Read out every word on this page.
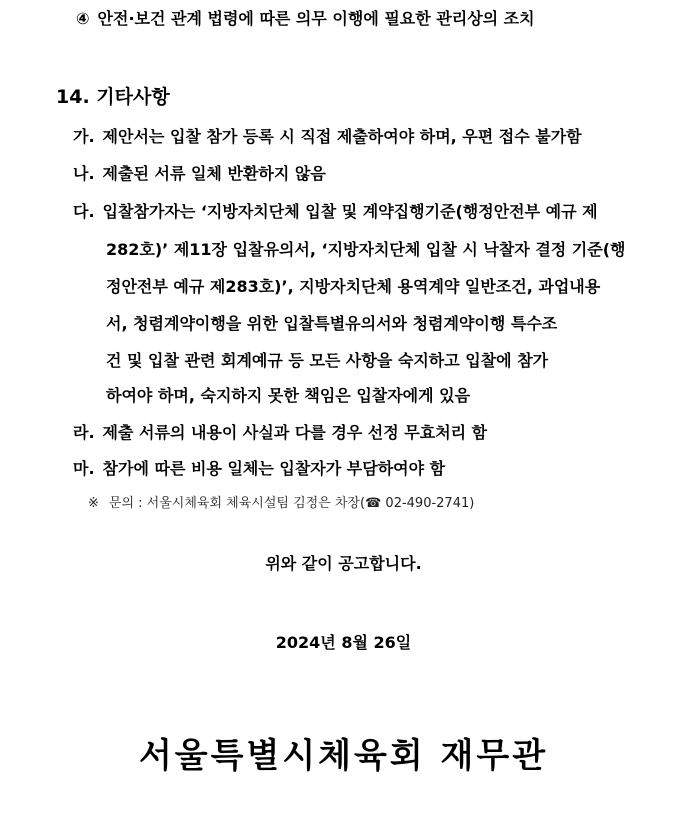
④ 안전·보건 관계 법령에 따른 의무 이행에 필요한 관리상의 조치
14. 기타사항
가. 제안서는 입찰 참가 등록 시 직접 제출하여야 하며, 우편 접수 불가함
나. 제출된 서류 일체 반환하지 않음
다. 입찰참가자는 ‘지방자치단체 입찰 및 계약집행기준(행정안전부 예규 제
282호)’ 제11장 입찰유의서, ‘지방자치단체 입찰 시 낙찰자 결정 기준(행
정안전부 예규 제283호)’, 지방자치단체 용역계약 일반조건, 과업내용
서, 청렴계약이행을 위한 입찰특별유의서와 청렴계약이행 특수조
건 및 입찰 관련 회계예규 등 모든 사항을 숙지하고 입찰에 참가
하여야 하며, 숙지하지 못한 책임은 입찰자에게 있음
라. 제출 서류의 내용이 사실과 다를 경우 선정 무효처리 함
마. 참가에 따른 비용 일체는 입찰자가 부담하여야 함
※ 문의 : 서울시체육회 체육시설팀 김정은 차장(☎ 02-490-2741)
위와 같이 공고합니다.
2024년 8월 26일
서울특별시체육회 재무관
